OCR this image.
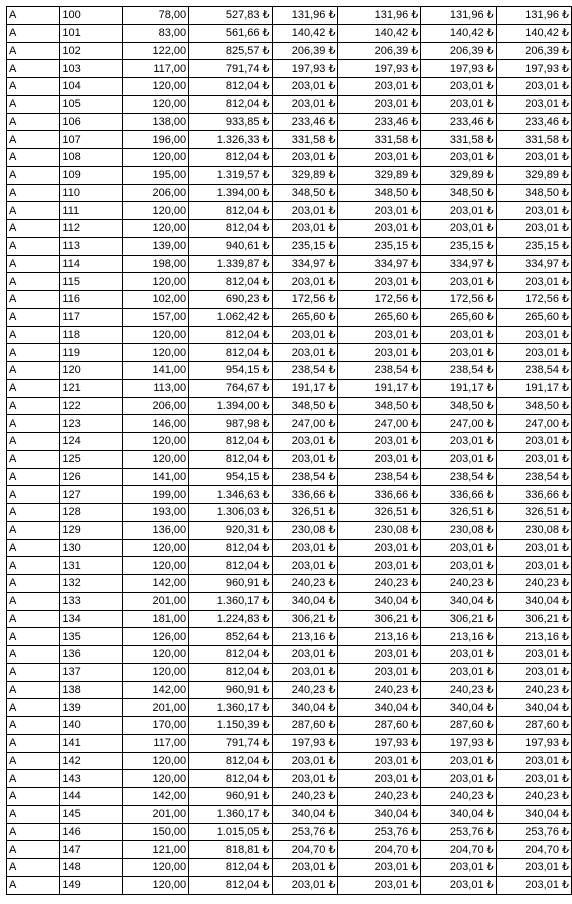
A	100	78,00	527,83 ₺	131,96 ₺	131,96 ₺	131,96 ₺	131,96 ₺
A	101	83,00	561,66 ₺	140,42 ₺	140,42 ₺	140,42 ₺	140,42 ₺
A	102	122,00	825,57 ₺	206,39 ₺	206,39 ₺	206,39 ₺	206,39 ₺
A	103	117,00	791,74 ₺	197,93 ₺	197,93 ₺	197,93 ₺	197,93 ₺
A	104	120,00	812,04 ₺	203,01 ₺	203,01 ₺	203,01 ₺	203,01 ₺
A	105	120,00	812,04 ₺	203,01 ₺	203,01 ₺	203,01 ₺	203,01 ₺
A	106	138,00	933,85 ₺	233,46 ₺	233,46 ₺	233,46 ₺	233,46 ₺
A	107	196,00	1.326,33 ₺	331,58 ₺	331,58 ₺	331,58 ₺	331,58 ₺
A	108	120,00	812,04 ₺	203,01 ₺	203,01 ₺	203,01 ₺	203,01 ₺
A	109	195,00	1.319,57 ₺	329,89 ₺	329,89 ₺	329,89 ₺	329,89 ₺
A	110	206,00	1.394,00 ₺	348,50 ₺	348,50 ₺	348,50 ₺	348,50 ₺
A	111	120,00	812,04 ₺	203,01 ₺	203,01 ₺	203,01 ₺	203,01 ₺
A	112	120,00	812,04 ₺	203,01 ₺	203,01 ₺	203,01 ₺	203,01 ₺
A	113	139,00	940,61 ₺	235,15 ₺	235,15 ₺	235,15 ₺	235,15 ₺
A	114	198,00	1.339,87 ₺	334,97 ₺	334,97 ₺	334,97 ₺	334,97 ₺
A	115	120,00	812,04 ₺	203,01 ₺	203,01 ₺	203,01 ₺	203,01 ₺
A	116	102,00	690,23 ₺	172,56 ₺	172,56 ₺	172,56 ₺	172,56 ₺
A	117	157,00	1.062,42 ₺	265,60 ₺	265,60 ₺	265,60 ₺	265,60 ₺
A	118	120,00	812,04 ₺	203,01 ₺	203,01 ₺	203,01 ₺	203,01 ₺
A	119	120,00	812,04 ₺	203,01 ₺	203,01 ₺	203,01 ₺	203,01 ₺
A	120	141,00	954,15 ₺	238,54 ₺	238,54 ₺	238,54 ₺	238,54 ₺
A	121	113,00	764,67 ₺	191,17 ₺	191,17 ₺	191,17 ₺	191,17 ₺
A	122	206,00	1.394,00 ₺	348,50 ₺	348,50 ₺	348,50 ₺	348,50 ₺
A	123	146,00	987,98 ₺	247,00 ₺	247,00 ₺	247,00 ₺	247,00 ₺
A	124	120,00	812,04 ₺	203,01 ₺	203,01 ₺	203,01 ₺	203,01 ₺
A	125	120,00	812,04 ₺	203,01 ₺	203,01 ₺	203,01 ₺	203,01 ₺
A	126	141,00	954,15 ₺	238,54 ₺	238,54 ₺	238,54 ₺	238,54 ₺
A	127	199,00	1.346,63 ₺	336,66 ₺	336,66 ₺	336,66 ₺	336,66 ₺
A	128	193,00	1.306,03 ₺	326,51 ₺	326,51 ₺	326,51 ₺	326,51 ₺
A	129	136,00	920,31 ₺	230,08 ₺	230,08 ₺	230,08 ₺	230,08 ₺
A	130	120,00	812,04 ₺	203,01 ₺	203,01 ₺	203,01 ₺	203,01 ₺
A	131	120,00	812,04 ₺	203,01 ₺	203,01 ₺	203,01 ₺	203,01 ₺
A	132	142,00	960,91 ₺	240,23 ₺	240,23 ₺	240,23 ₺	240,23 ₺
A	133	201,00	1.360,17 ₺	340,04 ₺	340,04 ₺	340,04 ₺	340,04 ₺
A	134	181,00	1.224,83 ₺	306,21 ₺	306,21 ₺	306,21 ₺	306,21 ₺
A	135	126,00	852,64 ₺	213,16 ₺	213,16 ₺	213,16 ₺	213,16 ₺
A	136	120,00	812,04 ₺	203,01 ₺	203,01 ₺	203,01 ₺	203,01 ₺
A	137	120,00	812,04 ₺	203,01 ₺	203,01 ₺	203,01 ₺	203,01 ₺
A	138	142,00	960,91 ₺	240,23 ₺	240,23 ₺	240,23 ₺	240,23 ₺
A	139	201,00	1.360,17 ₺	340,04 ₺	340,04 ₺	340,04 ₺	340,04 ₺
A	140	170,00	1.150,39 ₺	287,60 ₺	287,60 ₺	287,60 ₺	287,60 ₺
A	141	117,00	791,74 ₺	197,93 ₺	197,93 ₺	197,93 ₺	197,93 ₺
A	142	120,00	812,04 ₺	203,01 ₺	203,01 ₺	203,01 ₺	203,01 ₺
A	143	120,00	812,04 ₺	203,01 ₺	203,01 ₺	203,01 ₺	203,01 ₺
A	144	142,00	960,91 ₺	240,23 ₺	240,23 ₺	240,23 ₺	240,23 ₺
A	145	201,00	1.360,17 ₺	340,04 ₺	340,04 ₺	340,04 ₺	340,04 ₺
A	146	150,00	1.015,05 ₺	253,76 ₺	253,76 ₺	253,76 ₺	253,76 ₺
A	147	121,00	818,81 ₺	204,70 ₺	204,70 ₺	204,70 ₺	204,70 ₺
A	148	120,00	812,04 ₺	203,01 ₺	203,01 ₺	203,01 ₺	203,01 ₺
A	149	120,00	812,04 ₺	203,01 ₺	203,01 ₺	203,01 ₺	203,01 ₺
